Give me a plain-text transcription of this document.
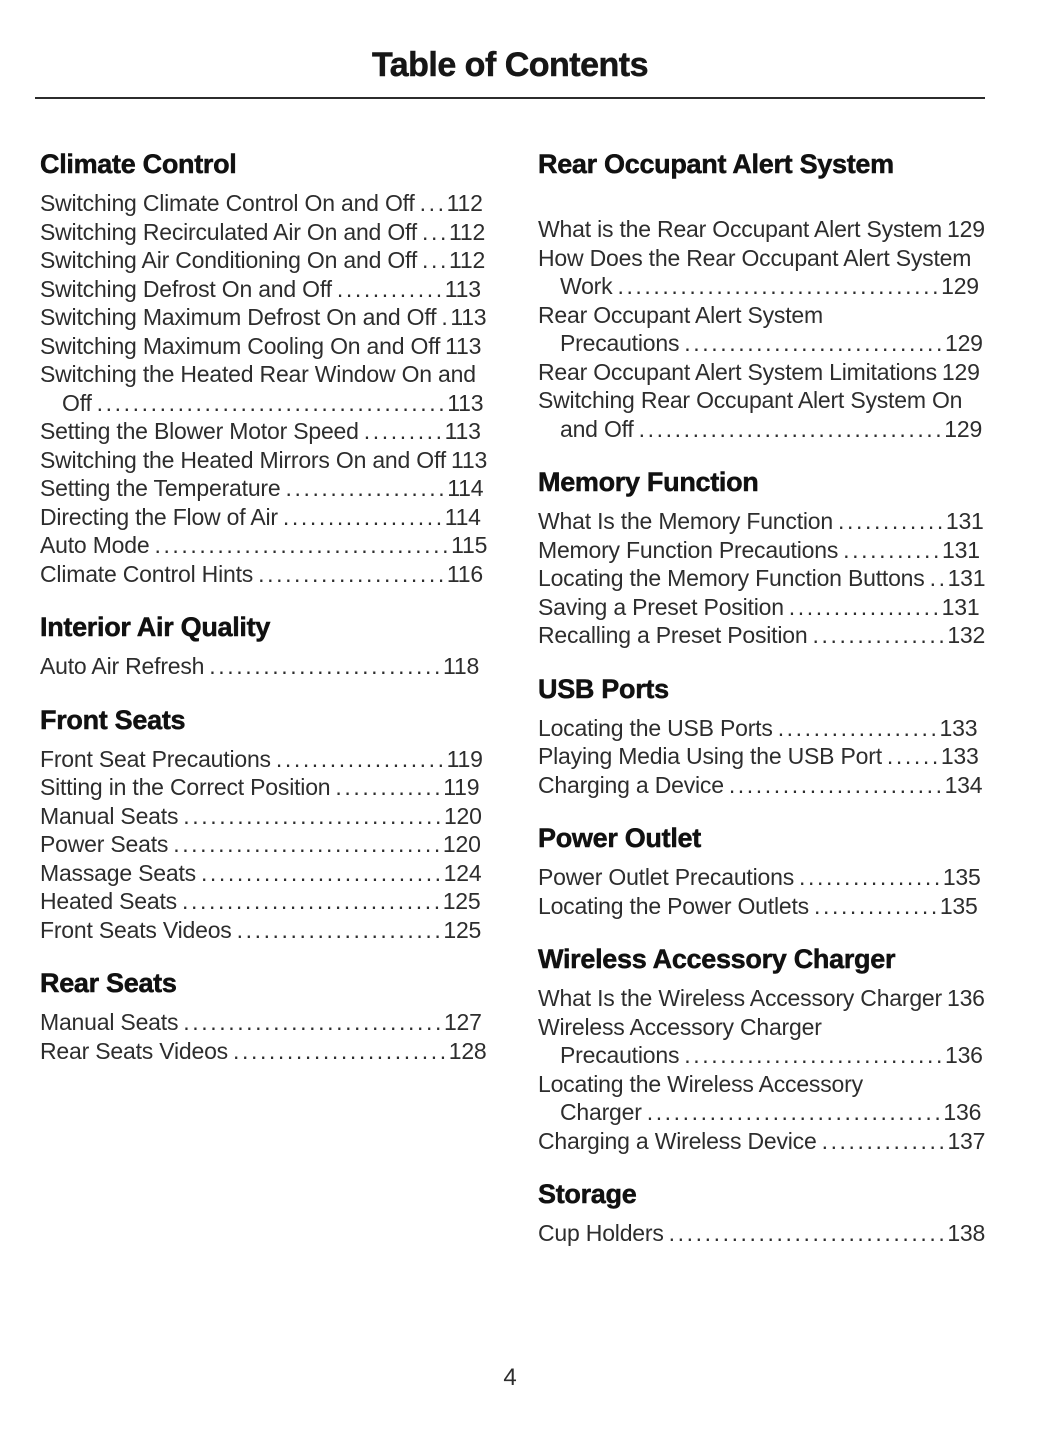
Table of Contents
Climate Control
Switching Climate Control On and Off ...112
Switching Recirculated Air On and Off ...112
Switching Air Conditioning On and Off ...112
Switching Defrost On and Off ............113
Switching Maximum Defrost On and Off .113
Switching Maximum Cooling On and Off 113
Switching the Heated Rear Window On and Off .......................................113
Setting the Blower Motor Speed .........113
Switching the Heated Mirrors On and Off 113
Setting the Temperature ..................114
Directing the Flow of Air ..................114
Auto Mode .................................115
Climate Control Hints .....................116
Interior Air Quality
Auto Air Refresh ..........................118
Front Seats
Front Seat Precautions ...................119
Sitting in the Correct Position ............119
Manual Seats .............................120
Power Seats ..............................120
Massage Seats ...........................124
Heated Seats .............................125
Front Seats Videos .......................125
Rear Seats
Manual Seats .............................127
Rear Seats Videos ........................128
Rear Occupant Alert System
What is the Rear Occupant Alert System 129
How Does the Rear Occupant Alert System Work ....................................129
Rear Occupant Alert System Precautions .............................129
Rear Occupant Alert System Limitations 129
Switching Rear Occupant Alert System On and Off ..................................129
Memory Function
What Is the Memory Function ............131
Memory Function Precautions ...........131
Locating the Memory Function Buttons ..131
Saving a Preset Position .................131
Recalling a Preset Position ...............132
USB Ports
Locating the USB Ports ..................133
Playing Media Using the USB Port ......133
Charging a Device ........................134
Power Outlet
Power Outlet Precautions ................135
Locating the Power Outlets ..............135
Wireless Accessory Charger
What Is the Wireless Accessory Charger 136
Wireless Accessory Charger Precautions .............................136
Locating the Wireless Accessory Charger .................................136
Charging a Wireless Device ..............137
Storage
Cup Holders ...............................138
4
